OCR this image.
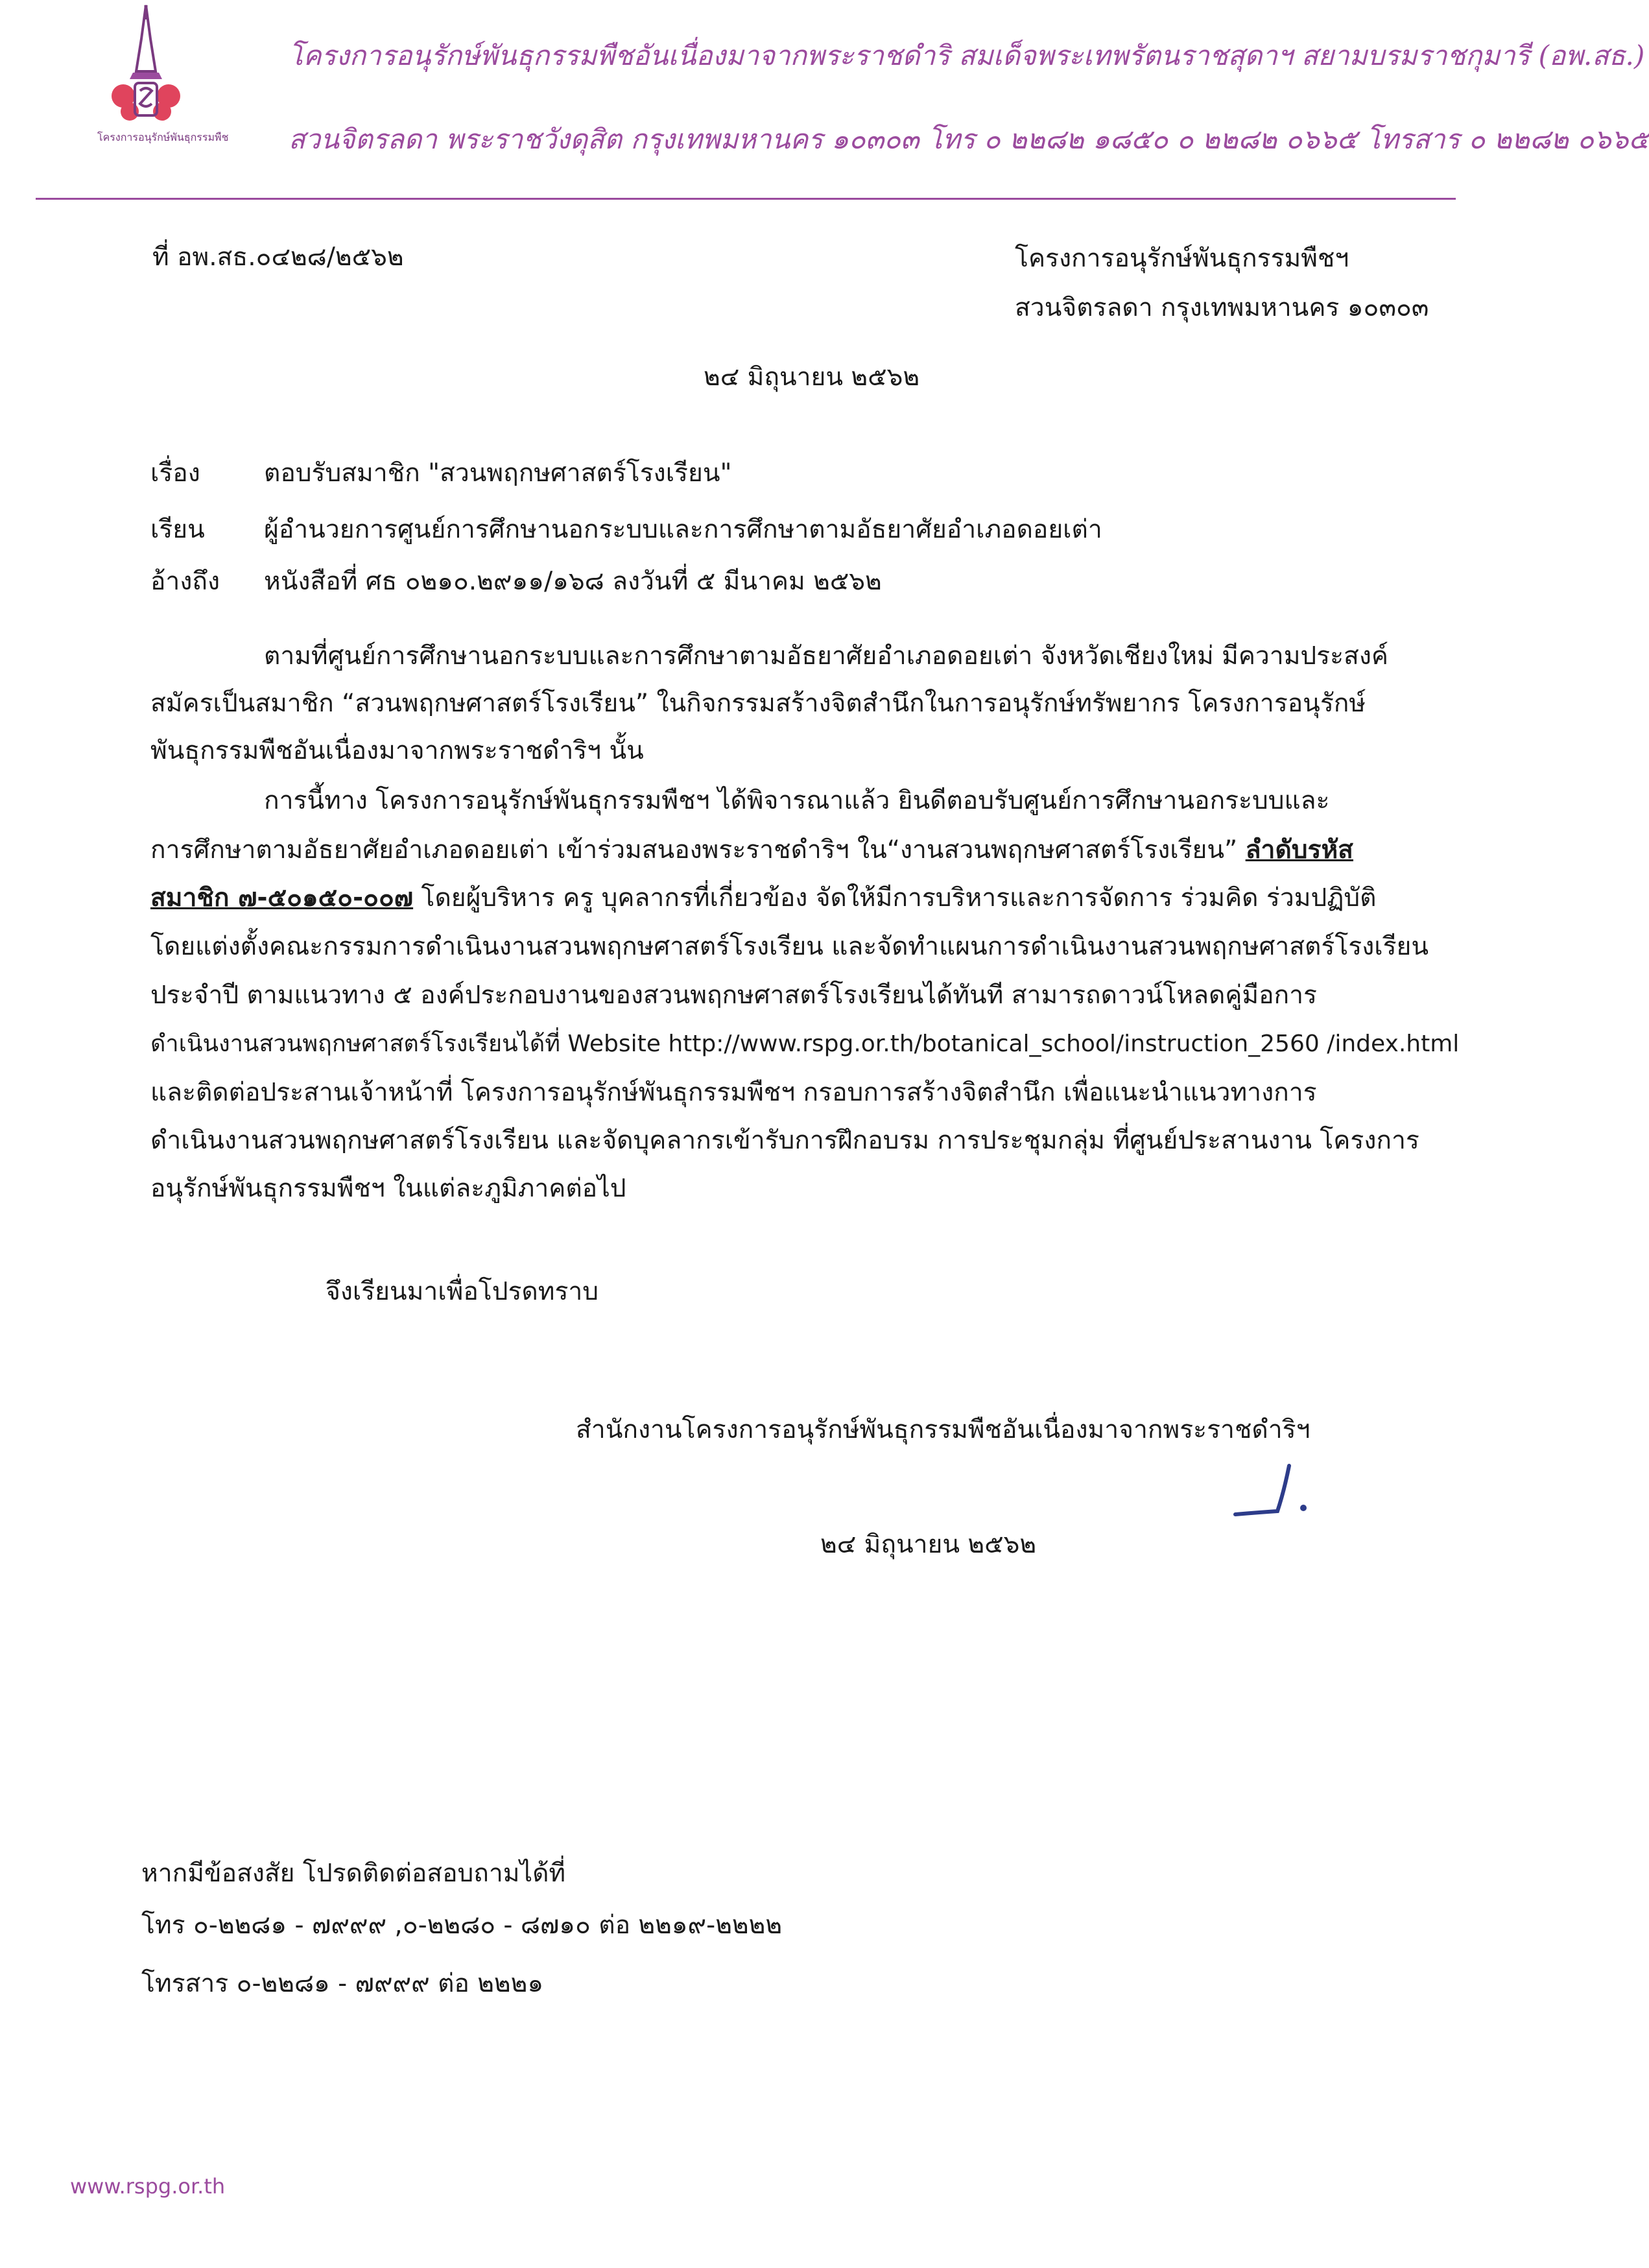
โครงการอนุรักษ์พันธุกรรมพืช
โครงการอนุรักษ์พันธุกรรมพืชอันเนื่องมาจากพระราชดำริ สมเด็จพระเทพรัตนราชสุดาฯ สยามบรมราชกุมารี (อพ.สธ.)
สวนจิตรลดา พระราชวังดุสิต กรุงเทพมหานคร ๑๐๓๐๓ โทร ๐ ๒๒๘๒ ๑๘๕๐ ๐ ๒๒๘๒ ๐๖๖๕ โทรสาร ๐ ๒๒๘๒ ๐๖๖๕
ที่ อพ.สธ.๐๔๒๘/๒๕๖๒	โครงการอนุรักษ์พันธุกรรมพืชฯ
สวนจิตรลดา กรุงเทพมหานคร ๑๐๓๐๓
๒๔ มิถุนายน ๒๕๖๒
เรื่อง	ตอบรับสมาชิก "สวนพฤกษศาสตร์โรงเรียน"
เรียน ผู้อำนวยการศูนย์การศึกษานอกระบบและการศึกษาตามอัธยาศัยอำเภอดอยเต่า
อ้างถึง หนังสือที่ ศธ ๐๒๑๐.๒๙๑๑/๑๖๘ ลงวันที่ ๕ มีนาคม ๒๕๖๒
ตามที่ศูนย์การศึกษานอกระบบและการศึกษาตามอัธยาศัยอำเภอดอยเต่า จังหวัดเชียงใหม่ มีความประสงค์
สมัครเป็นสมาชิก “สวนพฤกษศาสตร์โรงเรียน” ในกิจกรรมสร้างจิตสำนึกในการอนุรักษ์ทรัพยากร โครงการอนุรักษ์
พันธุกรรมพืชอันเนื่องมาจากพระราชดำริฯ นั้น
การนี้ทาง โครงการอนุรักษ์พันธุกรรมพืชฯ ได้พิจารณาแล้ว ยินดีตอบรับศูนย์การศึกษานอกระบบและ
การศึกษาตามอัธยาศัยอำเภอดอยเต่า เข้าร่วมสนองพระราชดำริฯ ใน“งานสวนพฤกษศาสตร์โรงเรียน” ลำดับรหัส
สมาชิก ๗-๕๐๑๕๐-๐๐๗ โดยผู้บริหาร ครู บุคลากรที่เกี่ยวข้อง จัดให้มีการบริหารและการจัดการ ร่วมคิด ร่วมปฏิบัติ
โดยแต่งตั้งคณะกรรมการดำเนินงานสวนพฤกษศาสตร์โรงเรียน และจัดทำแผนการดำเนินงานสวนพฤกษศาสตร์โรงเรียน
ประจำปี ตามแนวทาง ๕ องค์ประกอบงานของสวนพฤกษศาสตร์โรงเรียนได้ทันที สามารถดาวน์โหลดคู่มือการ
ดำเนินงานสวนพฤกษศาสตร์โรงเรียนได้ที่ Website http://www.rspg.or.th/botanical_school/instruction_2560 /index.html
และติดต่อประสานเจ้าหน้าที่ โครงการอนุรักษ์พันธุกรรมพืชฯ กรอบการสร้างจิตสำนึก เพื่อแนะนำแนวทางการ
ดำเนินงานสวนพฤกษศาสตร์โรงเรียน และจัดบุคลากรเข้ารับการฝึกอบรม การประชุมกลุ่ม ที่ศูนย์ประสานงาน โครงการ
อนุรักษ์พันธุกรรมพืชฯ ในแต่ละภูมิภาคต่อไป
จึงเรียนมาเพื่อโปรดทราบ
สำนักงานโครงการอนุรักษ์พันธุกรรมพืชอันเนื่องมาจากพระราชดำริฯ
๒๔ มิถุนายน ๒๕๖๒
หากมีข้อสงสัย โปรดติดต่อสอบถามได้ที่
โทร ๐-๒๒๘๑ - ๗๙๙๙ ,๐-๒๒๘๐ - ๘๗๑๐ ต่อ ๒๒๑๙-๒๒๒๒
โทรสาร ๐-๒๒๘๑ - ๗๙๙๙ ต่อ ๒๒๒๑
www.rspg.or.th
